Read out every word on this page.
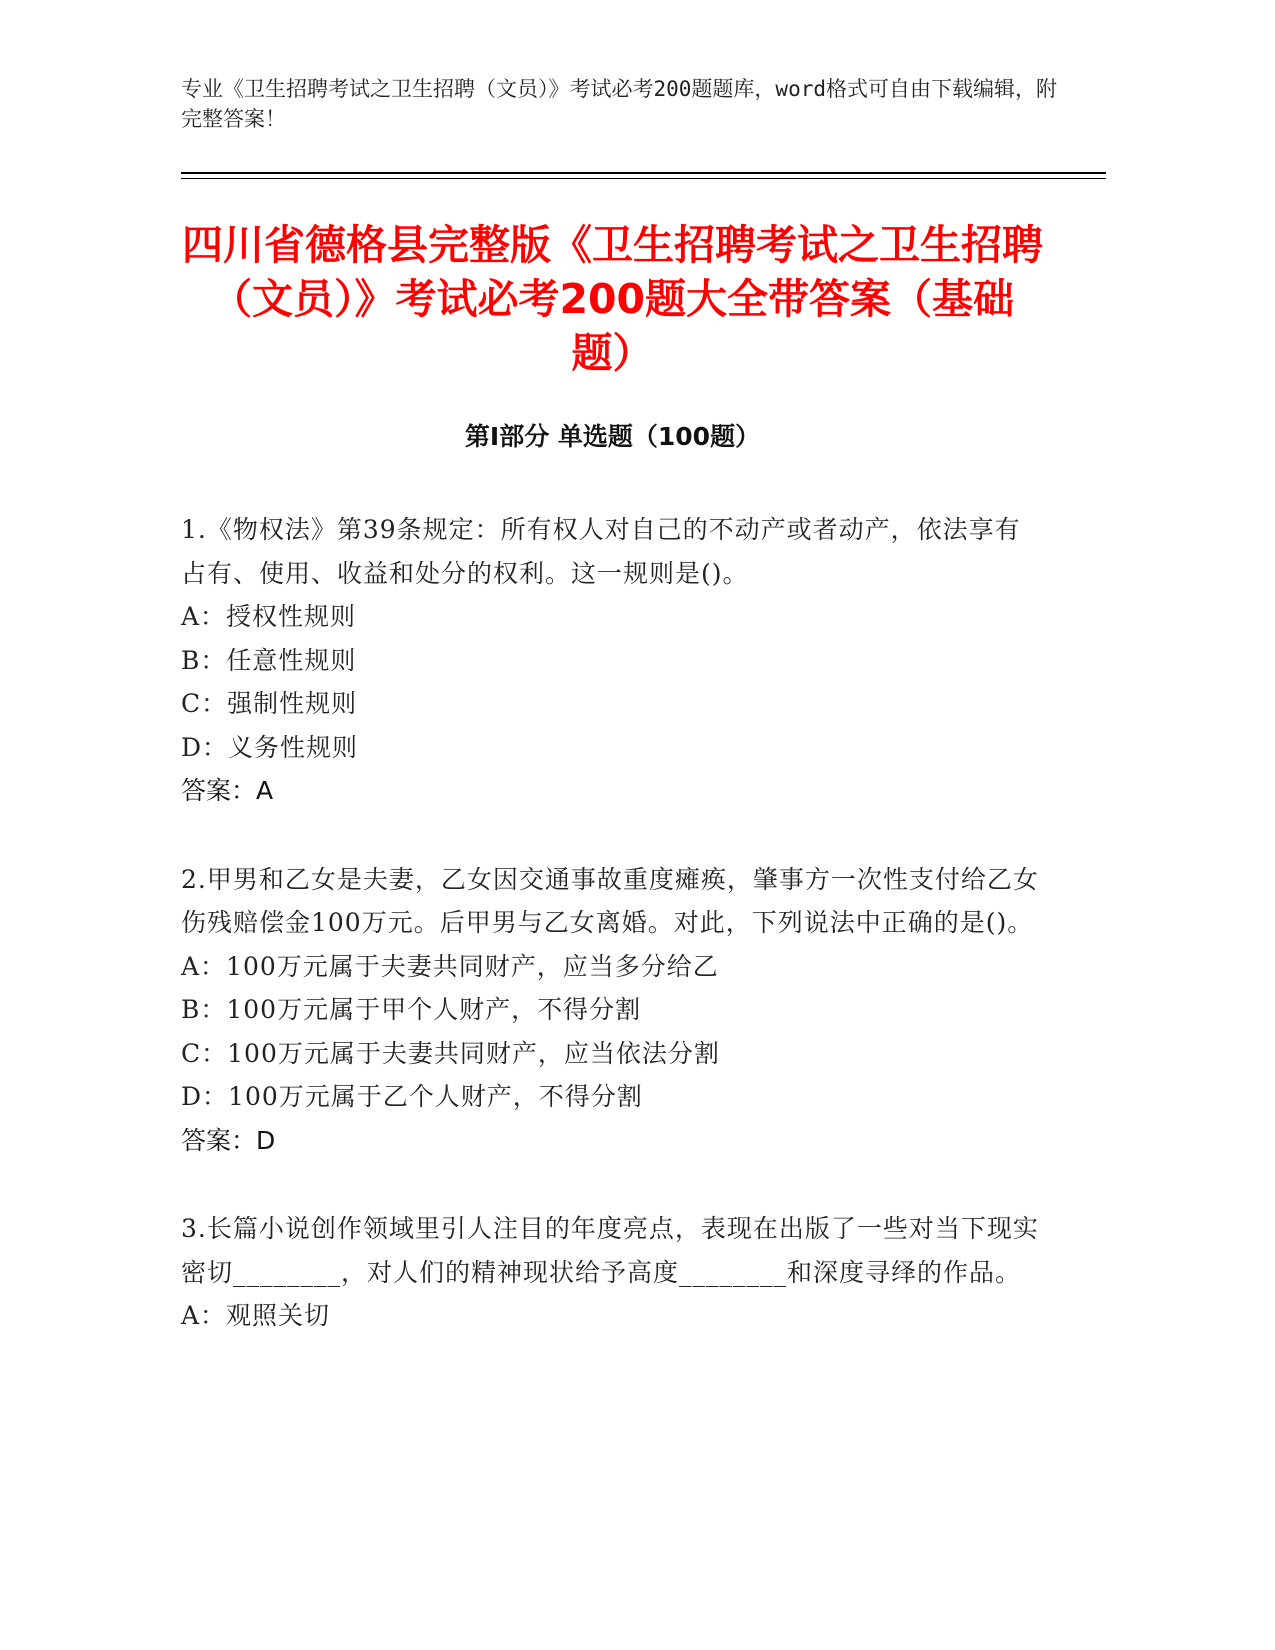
专业《卫生招聘考试之卫生招聘（文员）》考试必考200题题库，word格式可自由下载编辑，附完整答案！
四川省德格县完整版《卫生招聘考试之卫生招聘（文员）》考试必考200题大全带答案（基础题）
第I部分 单选题（100题）

1.《物权法》第39条规定：所有权人对自己的不动产或者动产，依法享有占有、使用、收益和处分的权利。这一规则是()。

A：授权性规则

B：任意性规则

C：强制性规则

D：义务性规则

答案：A

2.甲男和乙女是夫妻，乙女因交通事故重度瘫痪，肇事方一次性支付给乙女伤残赔偿金100万元。后甲男与乙女离婚。对此，下列说法中正确的是()。

A：100万元属于夫妻共同财产，应当多分给乙

B：100万元属于甲个人财产，不得分割

C：100万元属于夫妻共同财产，应当依法分割

D：100万元属于乙个人财产，不得分割

答案：D

3.长篇小说创作领域里引人注目的年度亮点，表现在出版了一些对当下现实密切________，对人们的精神现状给予高度________和深度寻绎的作品。

A：观照关切
